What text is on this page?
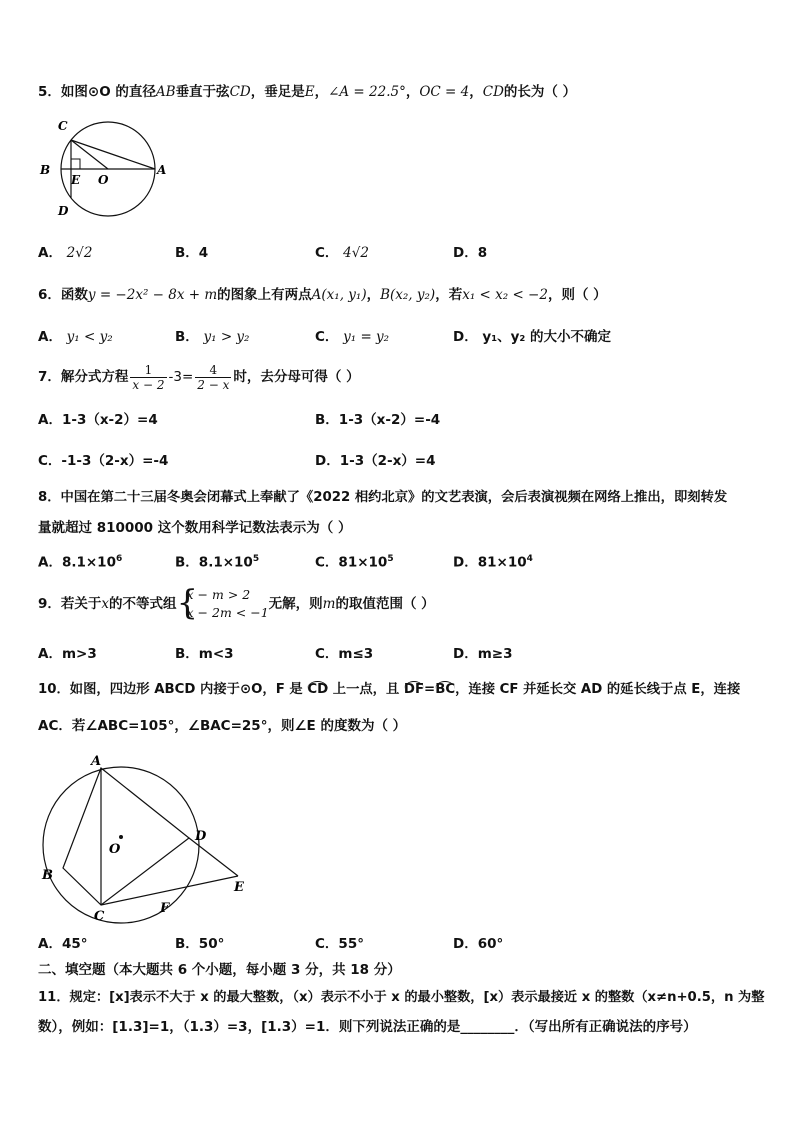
5．如图⊙O 的直径AB垂直于弦CD，垂足是E，∠A = 22.5°，OC = 4，CD的长为（ ）
C
B
E O
A
D
A． 2√2	B．4	C． 4√2	D．8
6．函数y = −2x² − 8x + m的图象上有两点A(x₁, y₁)，B(x₂, y₂)，若x₁ < x₂ < −2，则（ ）
A． y₁ < y₂	B． y₁ > y₂	C． y₁ = y₂	D． y₁、y₂ 的大小不确定
7．解分式方程 $\frac{1}{x - 2} -3= \frac{4}{2 - x}$ 时，去分母可得（ ）
A．1-3（x-2）=4	B．1-3（x-2）=-4
C．-1-3（2-x）=-4	D．1-3（2-x）=4
8．中国在第二十三届冬奥会闭幕式上奉献了《2022 相约北京》的文艺表演，会后表演视频在网络上推出，即刻转发
量就超过 810000 这个数用科学记数法表示为（ ）
A．$8.1\times 10^6$	B．$8.1\times 10^5$	C．$81\times 10^5$	D．$81\times 10^4$
9．若关于x的不等式组 {
x − m > 2
x − 2m < −1
无解，则m的取值范围（ ）
A．m>3	B．m<3	C．m≤3	D．m≥3
10．如图，四边形 ABCD 内接于⊙O，F 是 CD 上一点，且 DF=BC，连接 CF 并延长交 AD 的延长线于点 E，连接
AC．若∠ABC=105°，∠BAC=25°，则∠E 的度数为（ ）
A
B
C
D
E
F
O
A．45°	B．50°	C．55°	D．60°
二、填空题（本大题共 6 个小题，每小题 3 分，共 18 分）
11．规定：[x]表示不大于 x 的最大整数，（x）表示不小于 x 的最小整数，[x）表示最接近 x 的整数（x≠n+0.5，n 为整
数），例如：[1.3]=1，（1.3）=3，[1.3）=1．则下列说法正确的是________．（写出所有正确说法的序号）
